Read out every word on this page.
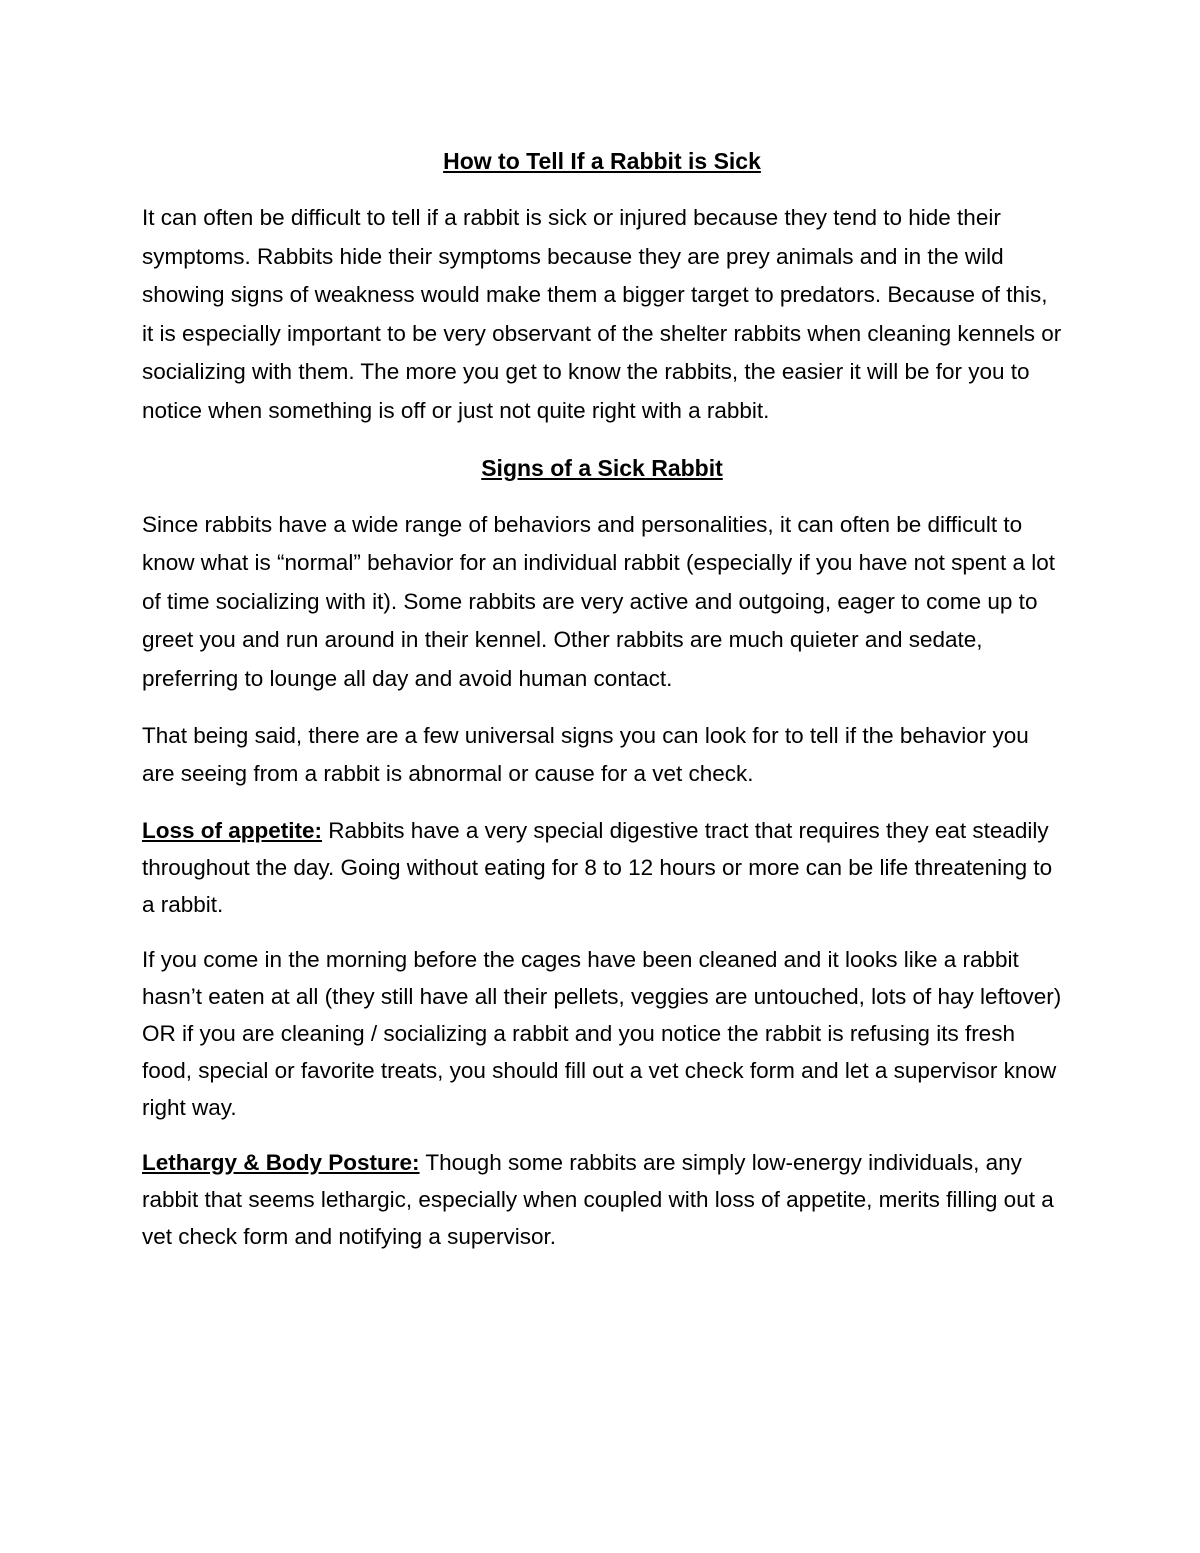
How to Tell If a Rabbit is Sick

It can often be difficult to tell if a rabbit is sick or injured because they tend to hide their symptoms. Rabbits hide their symptoms because they are prey animals and in the wild showing signs of weakness would make them a bigger target to predators. Because of this, it is especially important to be very observant of the shelter rabbits when cleaning kennels or socializing with them. The more you get to know the rabbits, the easier it will be for you to notice when something is off or just not quite right with a rabbit.

Signs of a Sick Rabbit

Since rabbits have a wide range of behaviors and personalities, it can often be difficult to know what is “normal” behavior for an individual rabbit (especially if you have not spent a lot of time socializing with it). Some rabbits are very active and outgoing, eager to come up to greet you and run around in their kennel. Other rabbits are much quieter and sedate, preferring to lounge all day and avoid human contact.

That being said, there are a few universal signs you can look for to tell if the behavior you are seeing from a rabbit is abnormal or cause for a vet check.

Loss of appetite: Rabbits have a very special digestive tract that requires they eat steadily throughout the day. Going without eating for 8 to 12 hours or more can be life threatening to a rabbit.

If you come in the morning before the cages have been cleaned and it looks like a rabbit hasn’t eaten at all (they still have all their pellets, veggies are untouched, lots of hay leftover) OR if you are cleaning / socializing a rabbit and you notice the rabbit is refusing its fresh food, special or favorite treats, you should fill out a vet check form and let a supervisor know right way.

Lethargy & Body Posture: Though some rabbits are simply low-energy individuals, any rabbit that seems lethargic, especially when coupled with loss of appetite, merits filling out a vet check form and notifying a supervisor.
